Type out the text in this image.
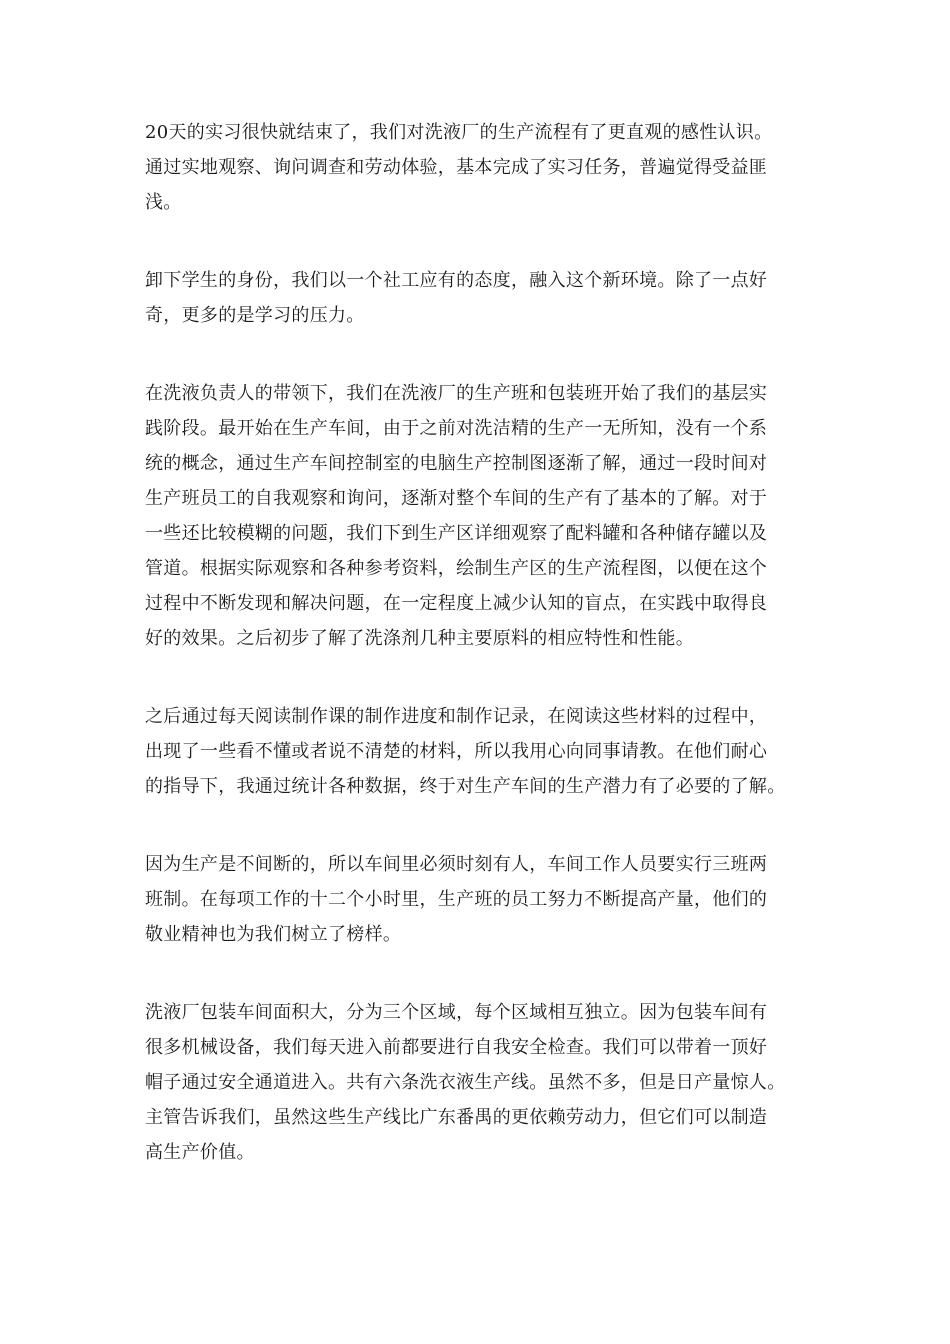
20天的实习很快就结束了，我们对洗液厂的生产流程有了更直观的感性认识。
通过实地观察、询问调查和劳动体验，基本完成了实习任务，普遍觉得受益匪
浅。

卸下学生的身份，我们以一个社工应有的态度，融入这个新环境。除了一点好
奇，更多的是学习的压力。

在洗液负责人的带领下，我们在洗液厂的生产班和包装班开始了我们的基层实
践阶段。最开始在生产车间，由于之前对洗洁精的生产一无所知，没有一个系
统的概念，通过生产车间控制室的电脑生产控制图逐渐了解，通过一段时间对
生产班员工的自我观察和询问，逐渐对整个车间的生产有了基本的了解。对于
一些还比较模糊的问题，我们下到生产区详细观察了配料罐和各种储存罐以及
管道。根据实际观察和各种参考资料，绘制生产区的生产流程图，以便在这个
过程中不断发现和解决问题，在一定程度上减少认知的盲点，在实践中取得良
好的效果。之后初步了解了洗涤剂几种主要原料的相应特性和性能。

之后通过每天阅读制作课的制作进度和制作记录，在阅读这些材料的过程中，
出现了一些看不懂或者说不清楚的材料，所以我用心向同事请教。在他们耐心
的指导下，我通过统计各种数据，终于对生产车间的生产潜力有了必要的了解。

因为生产是不间断的，所以车间里必须时刻有人，车间工作人员要实行三班两
班制。在每项工作的十二个小时里，生产班的员工努力不断提高产量，他们的
敬业精神也为我们树立了榜样。

洗液厂包装车间面积大，分为三个区域，每个区域相互独立。因为包装车间有
很多机械设备，我们每天进入前都要进行自我安全检查。我们可以带着一顶好
帽子通过安全通道进入。共有六条洗衣液生产线。虽然不多，但是日产量惊人。
主管告诉我们，虽然这些生产线比广东番禺的更依赖劳动力，但它们可以制造
高生产价值。
